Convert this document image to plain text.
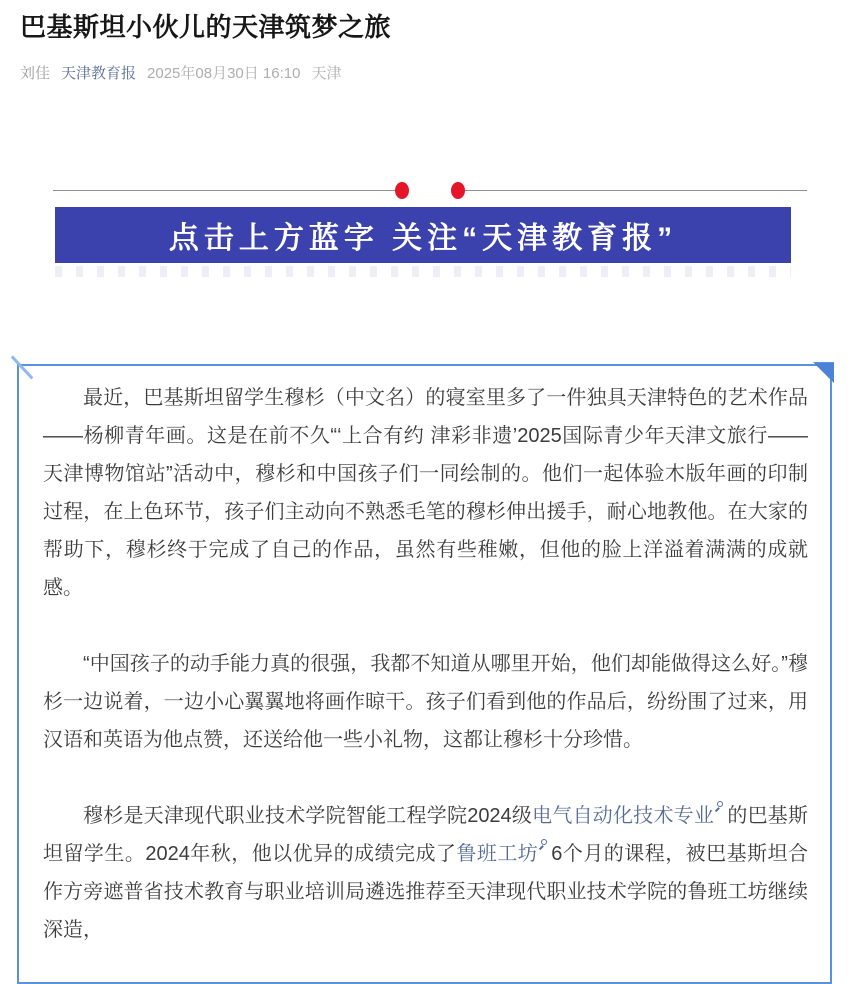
巴基斯坦小伙儿的天津筑梦之旅
刘佳 天津教育报 2025年08月30日 16:10 天津
点击上方蓝字 关注“天津教育报”

最近，巴基斯坦留学生穆杉（中文名）的寝室里多了一件独具天津特色的艺术作品——杨柳青年画。这是在前不久“‘上合有约 津彩非遗’2025国际青少年天津文旅行——天津博物馆站”活动中，穆杉和中国孩子们一同绘制的。他们一起体验木版年画的印制过程，在上色环节，孩子们主动向不熟悉毛笔的穆杉伸出援手，耐心地教他。在大家的帮助下，穆杉终于完成了自己的作品，虽然有些稚嫩，但他的脸上洋溢着满满的成就感。

“中国孩子的动手能力真的很强，我都不知道从哪里开始，他们却能做得这么好。”穆杉一边说着，一边小心翼翼地将画作晾干。孩子们看到他的作品后，纷纷围了过来，用汉语和英语为他点赞，还送给他一些小礼物，这都让穆杉十分珍惜。

穆杉是天津现代职业技术学院智能工程学院2024级电气自动化技术专业 的巴基斯坦留学生。2024年秋，他以优异的成绩完成了鲁班工坊 6个月的课程，被巴基斯坦合作方旁遮普省技术教育与职业培训局遴选推荐至天津现代职业技术学院的鲁班工坊继续深造，
